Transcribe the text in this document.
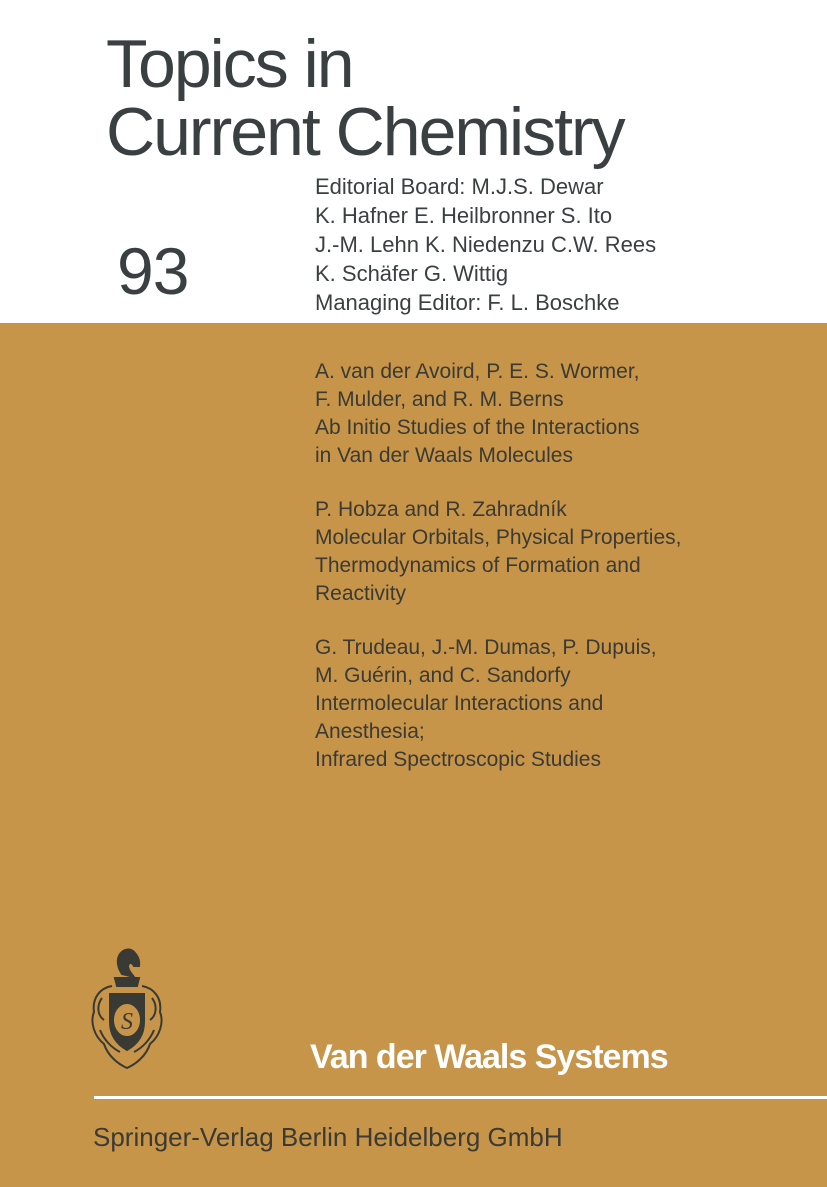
Topics in
Current Chemistry
93
Editorial Board: M.J.S. Dewar
K. Hafner E. Heilbronner S. Ito
J.-M. Lehn K. Niedenzu C.W. Rees
K. Schäfer G. Wittig
Managing Editor: F. L. Boschke
A. van der Avoird, P. E. S. Wormer,
F. Mulder, and R. M. Berns
Ab Initio Studies of the Interactions
in Van der Waals Molecules
P. Hobza and R. Zahradník
Molecular Orbitals, Physical Properties,
Thermodynamics of Formation and
Reactivity
G. Trudeau, J.-M. Dumas, P. Dupuis,
M. Guérin, and C. Sandorfy
Intermolecular Interactions and
Anesthesia;
Infrared Spectroscopic Studies
S
Van der Waals Systems
Springer-Verlag Berlin Heidelberg GmbH
